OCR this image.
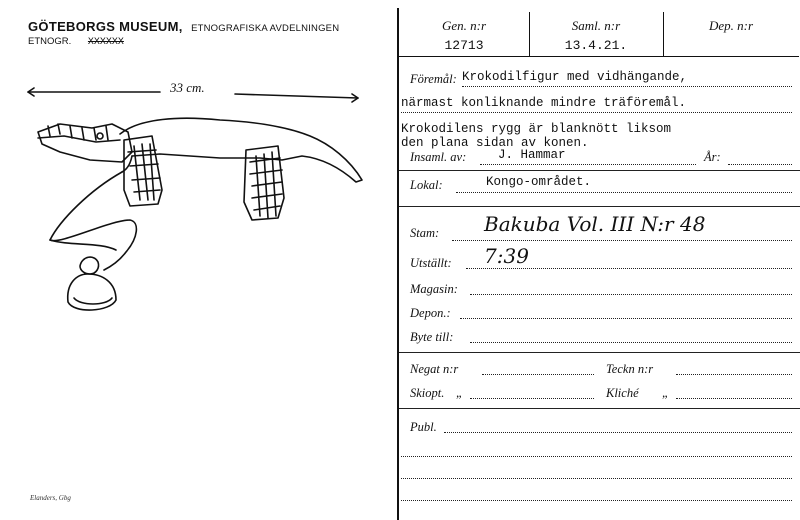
GÖTEBORGS MUSEUM, ETNOGRAFISKA AVDELNINGEN
ETNOGR. XXXXXX
33 cm.
Elanders, Gbg
Gen. n:r
12713
Saml. n:r
13.4.21.
Dep. n:r
Föremål: Krokodilfigur med vidhängande,
närmast konliknande mindre träföremål.
Krokodilens rygg är blanknött liksom
den plana sidan av konen.
Insaml. av:	J. Hammar	År:
Lokal:	Kongo-området.
Stam: Bakuba Vol. III N:r 48
Utställt: 7:39
Magasin:
Depon.:
Byte till:
Negat n:r	Teckn n:r
Skiopt. „	Kliché „
Publ.
